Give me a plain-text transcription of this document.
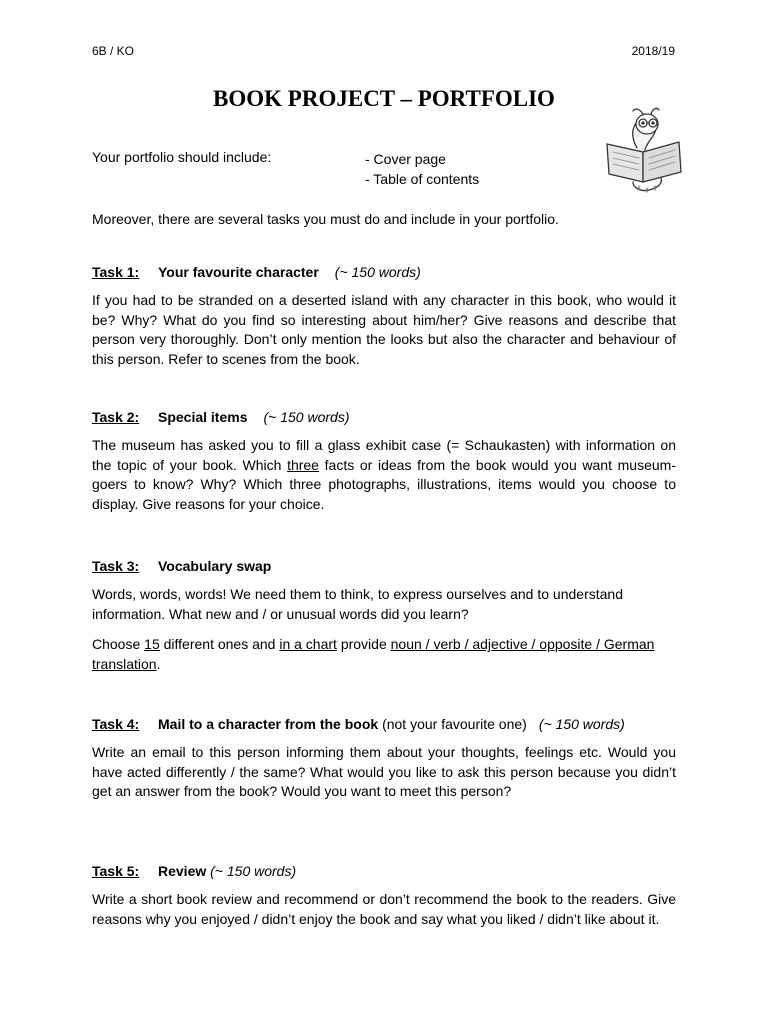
6B / KO	2018/19
BOOK PROJECT – PORTFOLIO
Your portfolio should include:	- Cover page
- Table of contents
Moreover, there are several tasks you must do and include in your portfolio.
Task 1: Your favourite character (~ 150 words)

If you had to be stranded on a deserted island with any character in this book, who would it be? Why? What do you find so interesting about him/her? Give reasons and describe that person very thoroughly. Don’t only mention the looks but also the character and behaviour of this person. Refer to scenes from the book.

Task 2: Special items (~ 150 words)

The museum has asked you to fill a glass exhibit case (= Schaukasten) with information on the topic of your book. Which three facts or ideas from the book would you want museum-goers to know? Why? Which three photographs, illustrations, items would you choose to display. Give reasons for your choice.

Task 3: Vocabulary swap

Words, words, words! We need them to think, to express ourselves and to understand information. What new and / or unusual words did you learn?

Choose 15 different ones and in a chart provide noun / verb / adjective / opposite / German translation.

Task 4: Mail to a character from the book (not your favourite one) (~ 150 words)

Write an email to this person informing them about your thoughts, feelings etc. Would you have acted differently / the same? What would you like to ask this person because you didn’t get an answer from the book? Would you want to meet this person?

Task 5: Review (~ 150 words)

Write a short book review and recommend or don’t recommend the book to the readers. Give reasons why you enjoyed / didn’t enjoy the book and say what you liked / didn’t like about it.
